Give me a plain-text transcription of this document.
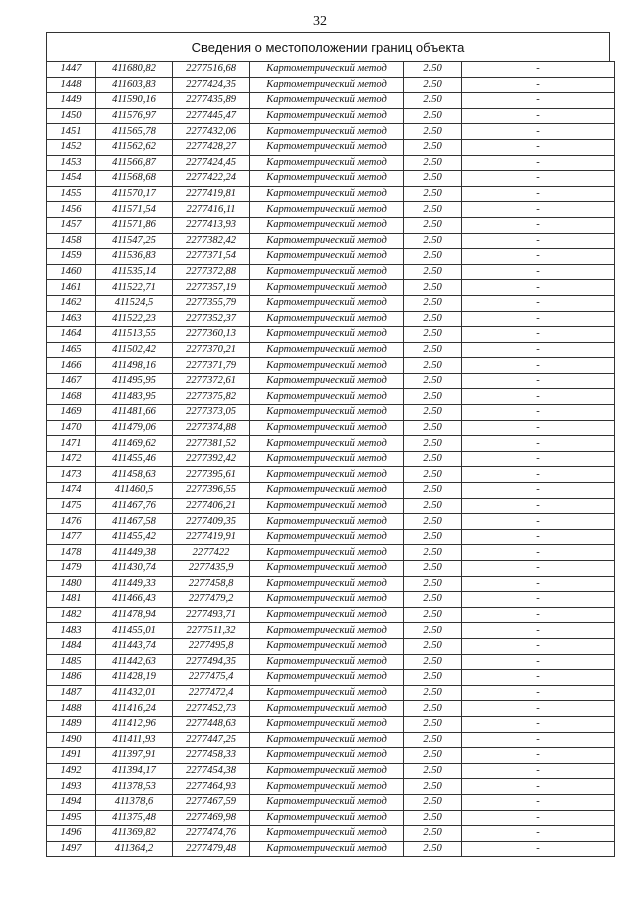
32
Сведения о местоположении границ объекта
1447	411680,82	2277516,68	Картометрический метод	2.50	-
1448	411603,83	2277424,35	Картометрический метод	2.50	-
1449	411590,16	2277435,89	Картометрический метод	2.50	-
1450	411576,97	2277445,47	Картометрический метод	2.50	-
1451	411565,78	2277432,06	Картометрический метод	2.50	-
1452	411562,62	2277428,27	Картометрический метод	2.50	-
1453	411566,87	2277424,45	Картометрический метод	2.50	-
1454	411568,68	2277422,24	Картометрический метод	2.50	-
1455	411570,17	2277419,81	Картометрический метод	2.50	-
1456	411571,54	2277416,11	Картометрический метод	2.50	-
1457	411571,86	2277413,93	Картометрический метод	2.50	-
1458	411547,25	2277382,42	Картометрический метод	2.50	-
1459	411536,83	2277371,54	Картометрический метод	2.50	-
1460	411535,14	2277372,88	Картометрический метод	2.50	-
1461	411522,71	2277357,19	Картометрический метод	2.50	-
1462	411524,5	2277355,79	Картометрический метод	2.50	-
1463	411522,23	2277352,37	Картометрический метод	2.50	-
1464	411513,55	2277360,13	Картометрический метод	2.50	-
1465	411502,42	2277370,21	Картометрический метод	2.50	-
1466	411498,16	2277371,79	Картометрический метод	2.50	-
1467	411495,95	2277372,61	Картометрический метод	2.50	-
1468	411483,95	2277375,82	Картометрический метод	2.50	-
1469	411481,66	2277373,05	Картометрический метод	2.50	-
1470	411479,06	2277374,88	Картометрический метод	2.50	-
1471	411469,62	2277381,52	Картометрический метод	2.50	-
1472	411455,46	2277392,42	Картометрический метод	2.50	-
1473	411458,63	2277395,61	Картометрический метод	2.50	-
1474	411460,5	2277396,55	Картометрический метод	2.50	-
1475	411467,76	2277406,21	Картометрический метод	2.50	-
1476	411467,58	2277409,35	Картометрический метод	2.50	-
1477	411455,42	2277419,91	Картометрический метод	2.50	-
1478	411449,38	2277422	Картометрический метод	2.50	-
1479	411430,74	2277435,9	Картометрический метод	2.50	-
1480	411449,33	2277458,8	Картометрический метод	2.50	-
1481	411466,43	2277479,2	Картометрический метод	2.50	-
1482	411478,94	2277493,71	Картометрический метод	2.50	-
1483	411455,01	2277511,32	Картометрический метод	2.50	-
1484	411443,74	2277495,8	Картометрический метод	2.50	-
1485	411442,63	2277494,35	Картометрический метод	2.50	-
1486	411428,19	2277475,4	Картометрический метод	2.50	-
1487	411432,01	2277472,4	Картометрический метод	2.50	-
1488	411416,24	2277452,73	Картометрический метод	2.50	-
1489	411412,96	2277448,63	Картометрический метод	2.50	-
1490	411411,93	2277447,25	Картометрический метод	2.50	-
1491	411397,91	2277458,33	Картометрический метод	2.50	-
1492	411394,17	2277454,38	Картометрический метод	2.50	-
1493	411378,53	2277464,93	Картометрический метод	2.50	-
1494	411378,6	2277467,59	Картометрический метод	2.50	-
1495	411375,48	2277469,98	Картометрический метод	2.50	-
1496	411369,82	2277474,76	Картометрический метод	2.50	-
1497	411364,2	2277479,48	Картометрический метод	2.50	-
